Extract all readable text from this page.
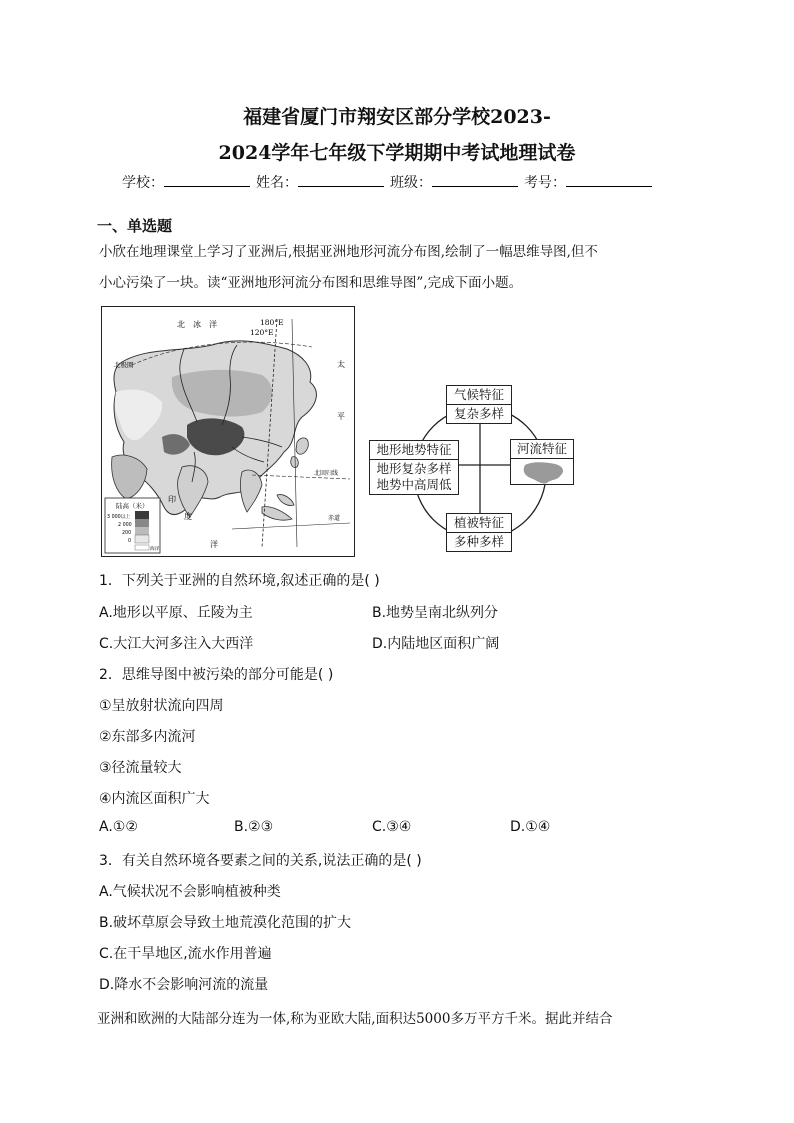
福建省厦门市翔安区部分学校2023-
2024学年七年级下学期期中考试地理试卷
学校：	姓名：	班级：	考号：
一、单选题
小欣在地理课堂上学习了亚洲后,根据亚洲地形河流分布图,绘制了一幅思维导图,但不
小心污染了一块。读“亚洲地形河流分布图和思维导图”,完成下面小题。
北　冰　洋	180°E
120°E
北极圈	太
平
北回归线
赤道
印
度
洋
陆高（米）
3 000以上
2 000
200
0
海洋
气候特征
复杂多样
地形地势特征
地形复杂多样
地势中高周低
河流特征
植被特征
多种多样
1．下列关于亚洲的自然环境,叙述正确的是( )
A.地形以平原、丘陵为主	B.地势呈南北纵列分
C.大江大河多注入大西洋	D.内陆地区面积广阔
2．思维导图中被污染的部分可能是( )
①呈放射状流向四周
②东部多内流河
③径流量较大
④内流区面积广大
A.①②	B.②③	C.③④	D.①④
3．有关自然环境各要素之间的关系,说法正确的是( )
A.气候状况不会影响植被种类
B.破坏草原会导致土地荒漠化范围的扩大
C.在干旱地区,流水作用普遍
D.降水不会影响河流的流量
亚洲和欧洲的大陆部分连为一体,称为亚欧大陆,面积达5000多万平方千米。据此并结合
